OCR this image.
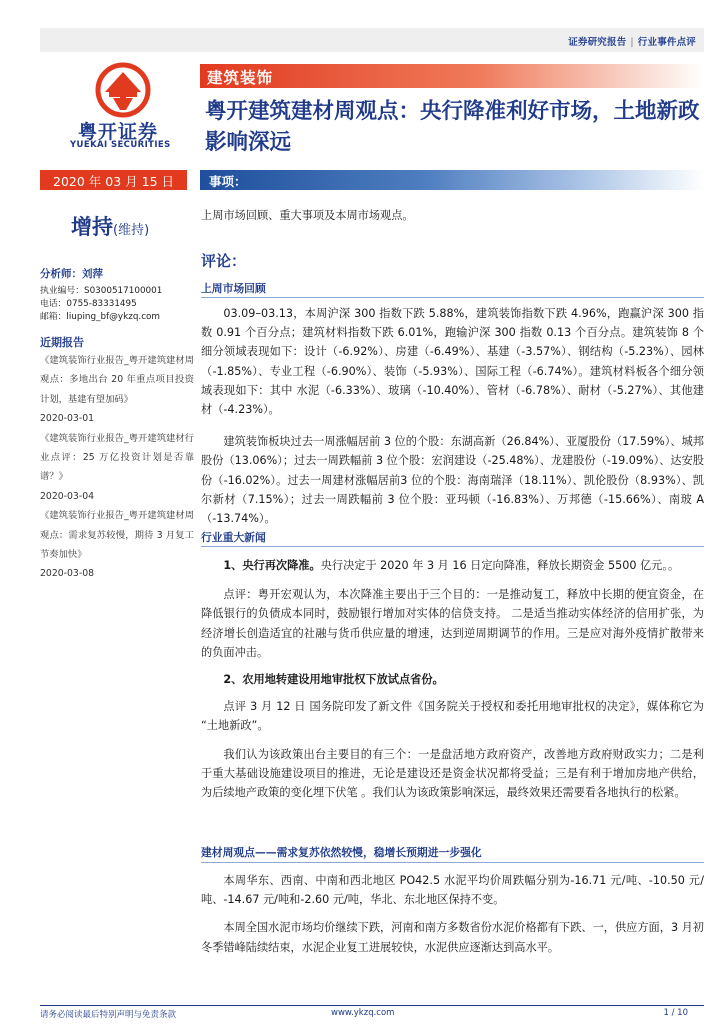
证券研究报告 | 行业事件点评
粤开证券
YUEKAI SECURITIES
建筑装饰
粤开建筑建材周观点：央行降准利好市场，土地新政影响深远
2020 年 03 月 15 日	事项：
上周市场回顾、重大事项及本周市场观点。
增持(维持)
分析师：刘萍
执业编号：S0300517100001
电话：0755-83331495
邮箱：liuping_bf@ykzq.com
近期报告

《建筑装饰行业报告_粤开建筑建材周观点：多地出台 20 年重点项目投资计划，基建有望加码》

2020-03-01

《建筑装饰行业报告_粤开建筑建材行业点评：25 万亿投资计划是否靠谱？》

2020-03-04

《建筑装饰行业报告_粤开建筑建材周观点：需求复苏较慢，期待 3 月复工节奏加快》

2020-03-08

评论：
上周市场回顾

03.09–03.13，本周沪深 300 指数下跌 5.88%，建筑装饰指数下跌 4.96%，跑赢沪深 300 指数 0.91 个百分点；建筑材料指数下跌 6.01%，跑输沪深 300 指数 0.13 个百分点。建筑装饰 8 个细分领域表现如下：设计（-6.92%）、房建（-6.49%）、基建（-3.57%）、钢结构（-5.23%）、园林（-1.85%）、专业工程（-6.90%）、装饰（-5.93%）、国际工程（-6.74%）。建筑材料板各个细分领域表现如下：其中 水泥（-6.33%）、玻璃（-10.40%）、管材（-6.78%）、耐材（-5.27%）、其他建材（-4.23%）。

建筑装饰板块过去一周涨幅居前 3 位的个股：东湖高新（26.84%）、亚厦股份（17.59%）、城邦股份（13.06%）；过去一周跌幅前 3 位个股：宏润建设（-25.48%）、龙建股份（-19.09%）、达安股份（-16.02%）。过去一周建材涨幅居前3 位的个股：海南瑞泽（18.11%）、凯伦股份（8.93%）、凯尔新材（7.15%）；过去一周跌幅前 3 位个股：亚玛顿（-16.83%）、万邦德（-15.66%）、南玻 A（-13.74%）。

行业重大新闻

1、央行再次降准。央行决定于 2020 年 3 月 16 日定向降准，释放长期资金 5500 亿元。。

点评：粤开宏观认为，本次降准主要出于三个目的：一是推动复工，释放中长期的便宜资金，在降低银行的负债成本同时，鼓励银行增加对实体的信贷支持。 二是适当推动实体经济的信用扩张，为经济增长创造适宜的社融与货币供应量的增速，达到逆周期调节的作用。三是应对海外疫情扩散带来的负面冲击。

2、农用地转建设用地审批权下放试点省份。

点评 3 月 12 日 国务院印发了新文件《国务院关于授权和委托用地审批权的决定》，媒体称它为 “土地新政”。

我们认为该政策出台主要目的有三个：一是盘活地方政府资产，改善地方政府财政实力；二是利于重大基础设施建设项目的推进，无论是建设还是资金状况都将受益；三是有利于增加房地产供给，为后续地产政策的变化埋下伏笔 。我们认为该政策影响深远，最终效果还需要看各地执行的松紧。

建材周观点——需求复苏依然较慢，稳增长预期进一步强化

本周华东、西南、中南和西北地区 PO42.5 水泥平均价周跌幅分别为-16.71 元/吨、-10.50 元/吨、-14.67 元/吨和-2.60 元/吨，华北、东北地区保持不变。

本周全国水泥市场均价继续下跌，河南和南方多数省份水泥价格都有下跌、一，供应方面，3 月初冬季错峰陆续结束，水泥企业复工进展较快，水泥供应逐渐达到高水平。

请务必阅读最后特别声明与免责条款	www.ykzq.com	1 / 10
